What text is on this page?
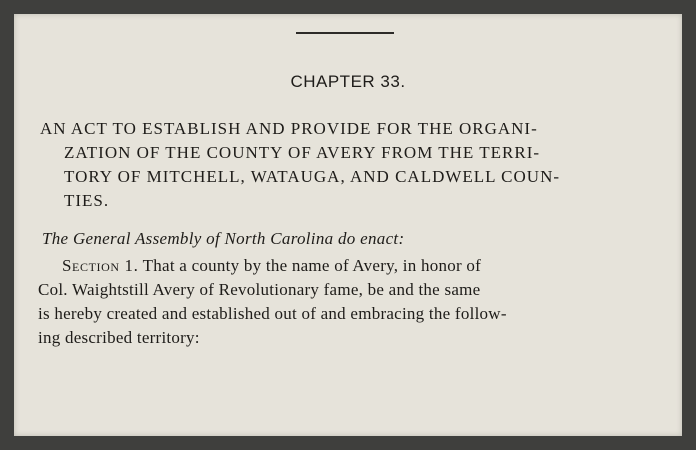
CHAPTER 33.
AN ACT TO ESTABLISH AND PROVIDE FOR THE ORGANI-
ZATION OF THE COUNTY OF AVERY FROM THE TERRI-
TORY OF MITCHELL, WATAUGA, AND CALDWELL COUN-
TIES.
The General Assembly of North Carolina do enact:
Section 1. That a county by the name of Avery, in honor of
Col. Waightstill Avery of Revolutionary fame, be and the same
is hereby created and established out of and embracing the follow-
ing described territory:
